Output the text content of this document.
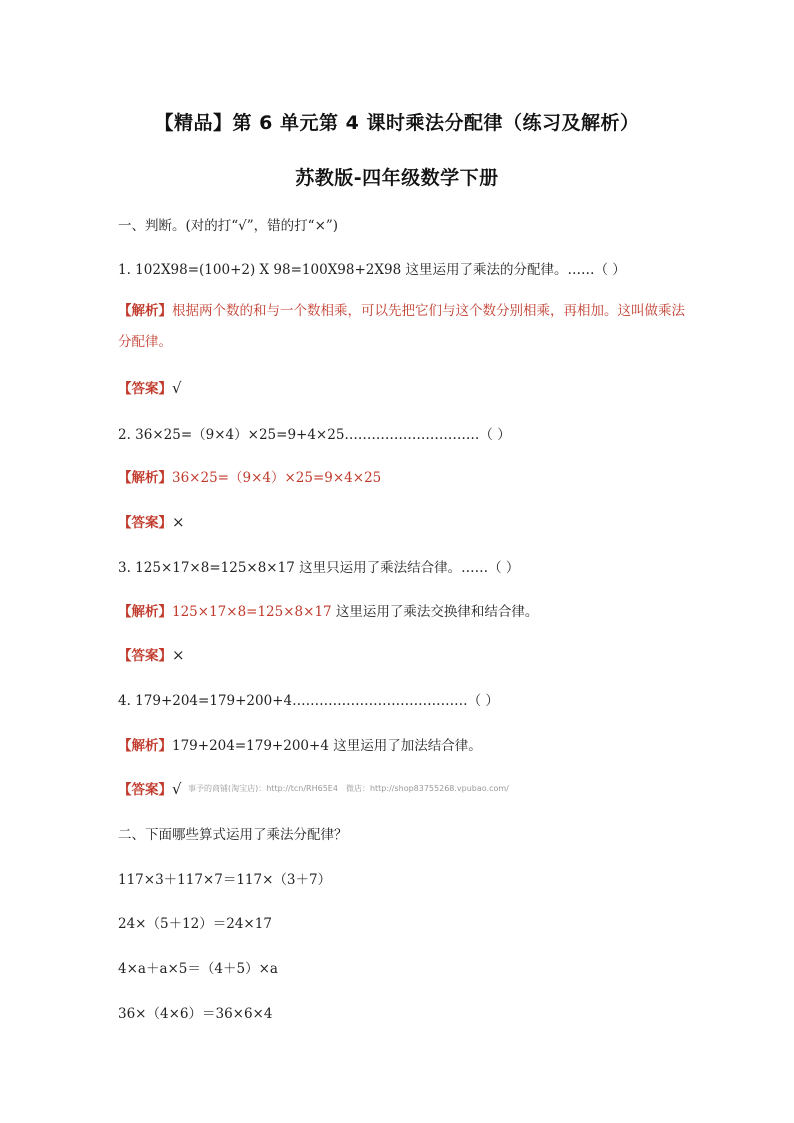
【精品】第 6 单元第 4 课时乘法分配律（练习及解析）
苏教版-四年级数学下册
一、判断。(对的打“√”，错的打“×”)
1. 102X98=(100+2) X 98=100X98+2X98 这里运用了乘法的分配律。……（ ）
【解析】根据两个数的和与一个数相乘，可以先把它们与这个数分别相乘，再相加。这叫做乘法分配律。
【答案】√
2. 36×25=（9×4）×25=9+4×25…………………………（ ）
【解析】36×25=（9×4）×25=9×4×25
【答案】×
3. 125×17×8=125×8×17 这里只运用了乘法结合律。……（ ）
【解析】125×17×8=125×8×17 这里运用了乘法交换律和结合律。
【答案】×
4. 179+204=179+200+4…………………………………（ ）
【解析】179+204=179+200+4 这里运用了加法结合律。
【答案】√ 事予的商铺(淘宝店)：http://tcn/RH65E4　微店：http://shop83755268.vpubao.com/
二、下面哪些算式运用了乘法分配律？
117×3＋117×7＝117×（3＋7）
24×（5＋12）＝24×17
4×a＋a×5＝（4＋5）×a
36×（4×6）＝36×6×4
